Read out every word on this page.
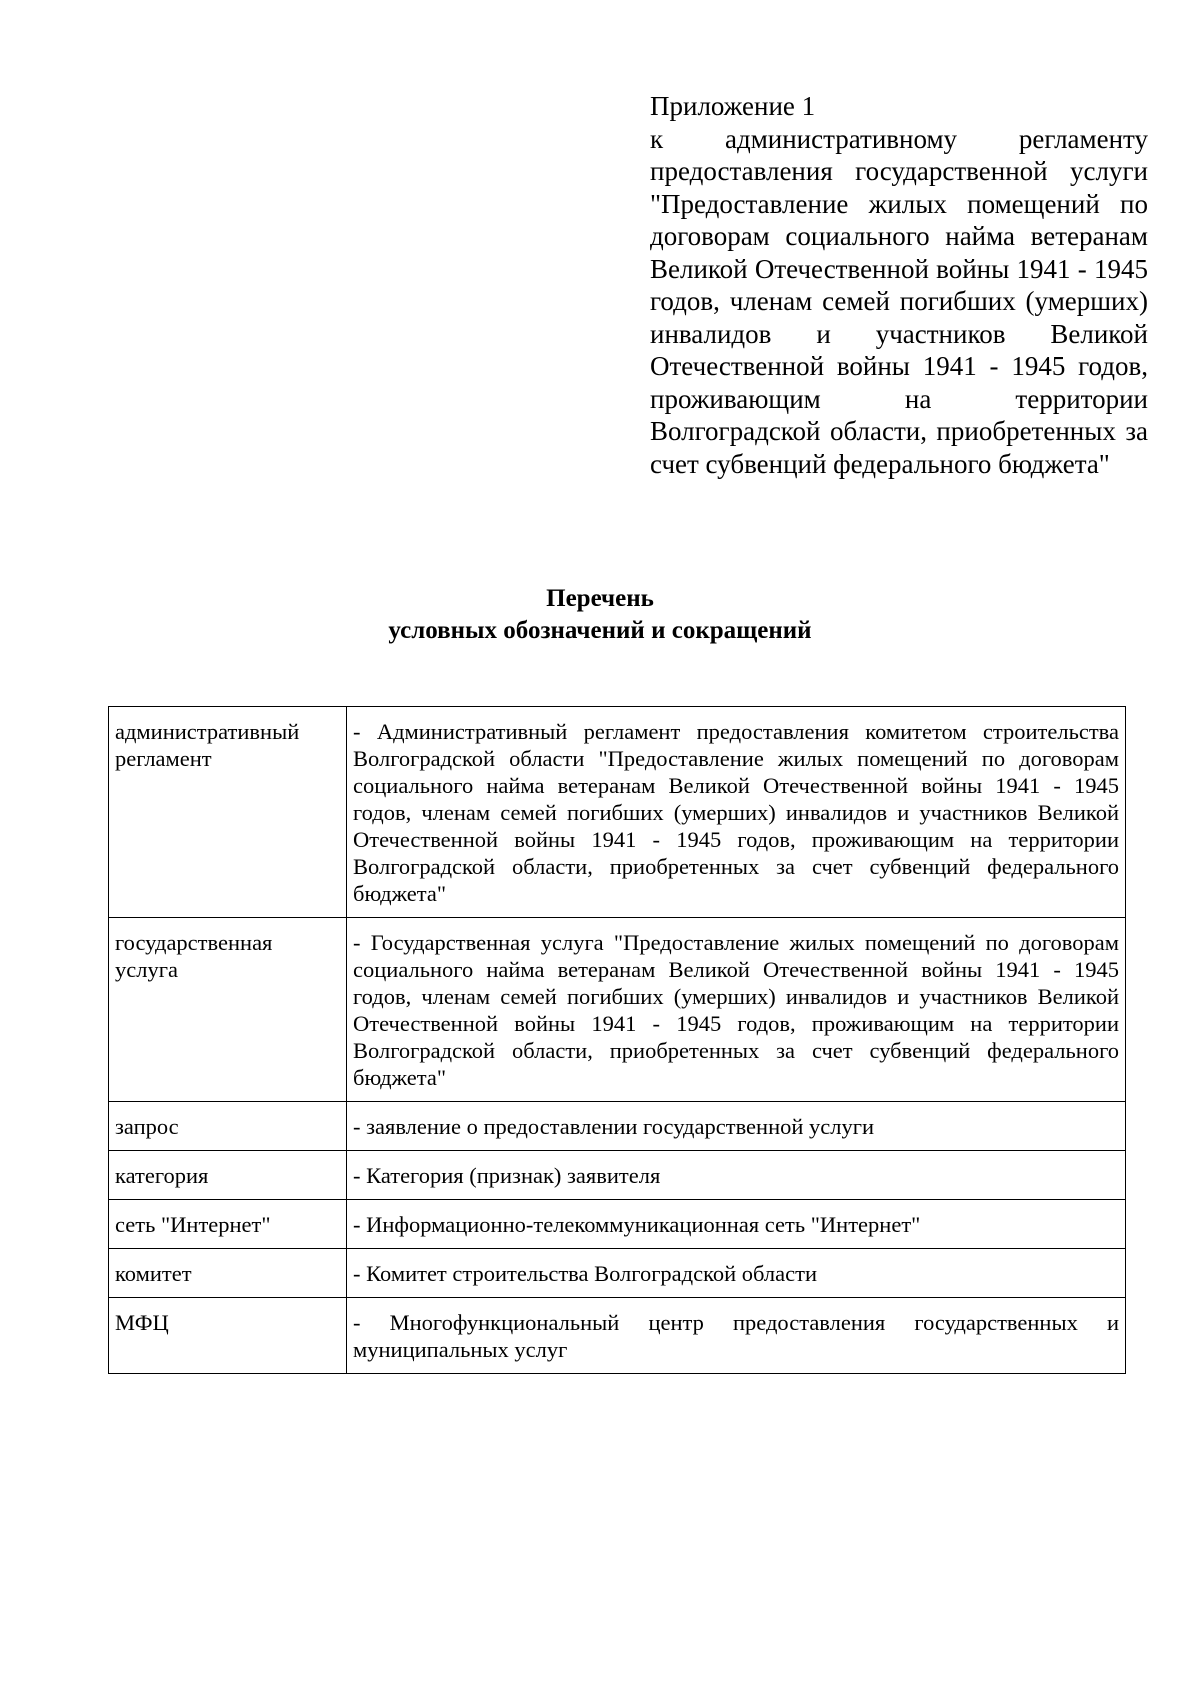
Приложение 1
к административному регламенту предоставления государственной услуги "Предоставление жилых помещений по договорам социального найма ветеранам Великой Отечественной войны 1941 - 1945 годов, членам семей погибших (умерших) инвалидов и участников Великой Отечественной войны 1941 - 1945 годов, проживающим на территории Волгоградской области, приобретенных за счет субвенций федерального бюджета"
Перечень
условных обозначений и сокращений
административный регламент	- Административный регламент предоставления комитетом строительства Волгоградской области "Предоставление жилых помещений по договорам социального найма ветеранам Великой Отечественной войны 1941 - 1945 годов, членам семей погибших (умерших) инвалидов и участников Великой Отечественной войны 1941 - 1945 годов, проживающим на территории Волгоградской области, приобретенных за счет субвенций федерального бюджета"
государственная услуга	- Государственная услуга "Предоставление жилых помещений по договорам социального найма ветеранам Великой Отечественной войны 1941 - 1945 годов, членам семей погибших (умерших) инвалидов и участников Великой Отечественной войны 1941 - 1945 годов, проживающим на территории Волгоградской области, приобретенных за счет субвенций федерального бюджета"
запрос	- заявление о предоставлении государственной услуги
категория	- Категория (признак) заявителя
сеть "Интернет"	- Информационно-телекоммуникационная сеть "Интернет"
комитет	- Комитет строительства Волгоградской области
МФЦ	- Многофункциональный центр предоставления государственных и муниципальных услуг
